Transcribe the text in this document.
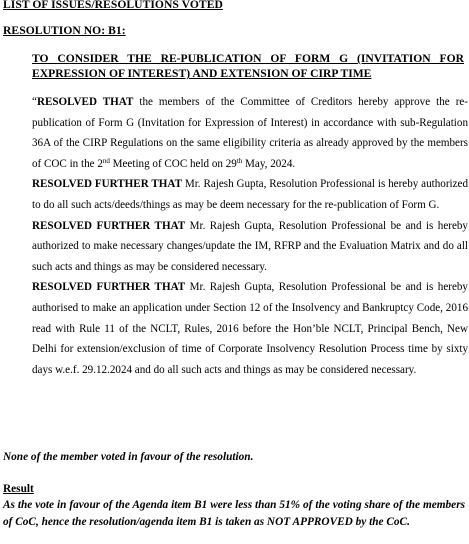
LIST OF ISSUES/RESOLUTIONS VOTED
RESOLUTION NO: B1:
TO CONSIDER THE RE-PUBLICATION OF FORM G (INVITATION FOR EXPRESSION OF INTEREST) AND EXTENSION OF CIRP TIME

“RESOLVED THAT the members of the Committee of Creditors hereby approve the re-publication of Form G (Invitation for Expression of Interest) in accordance with sub-Regulation 36A of the CIRP Regulations on the same eligibility criteria as already approved by the members of COC in the 2nd Meeting of COC held on 29th May, 2024.

RESOLVED FURTHER THAT Mr. Rajesh Gupta, Resolution Professional is hereby authorized to do all such acts/deeds/things as may be deem necessary for the re-publication of Form G.

RESOLVED FURTHER THAT Mr. Rajesh Gupta, Resolution Professional be and is hereby authorized to make necessary changes/update the IM, RFRP and the Evaluation Matrix and do all such acts and things as may be considered necessary.

RESOLVED FURTHER THAT Mr. Rajesh Gupta, Resolution Professional be and is hereby authorised to make an application under Section 12 of the Insolvency and Bankruptcy Code, 2016 read with Rule 11 of the NCLT, Rules, 2016 before the Hon’ble NCLT, Principal Bench, New Delhi for extension/exclusion of time of Corporate Insolvency Resolution Process time by sixty days w.e.f. 29.12.2024 and do all such acts and things as may be considered necessary.

None of the member voted in favour of the resolution.
Result
As the vote in favour of the Agenda item B1 were less than 51% of the voting share of the members of CoC, hence the resolution/agenda item B1 is taken as NOT APPROVED by the CoC.
